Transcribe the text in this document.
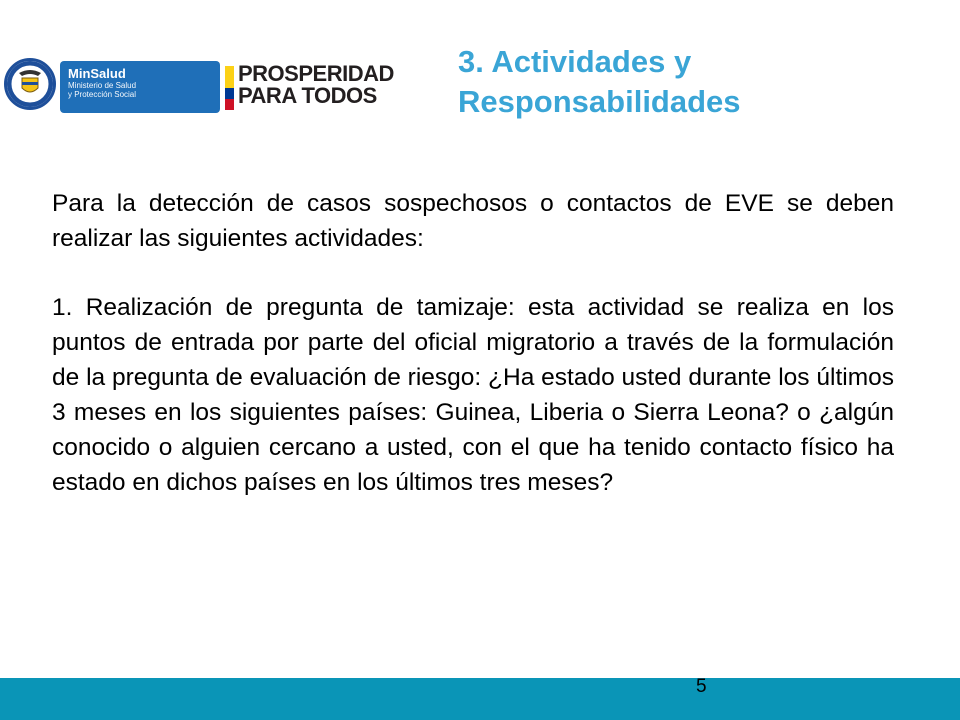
MinSalud
Ministerio de Salud
y Protección Social
PROSPERIDAD
PARA TODOS
3. Actividades y Responsabilidades

Para la detección de casos sospechosos o contactos de EVE se deben realizar las siguientes actividades:

1. Realización de pregunta de tamizaje: esta actividad se realiza en los puntos de entrada por parte del oficial migratorio a través de la formulación de la pregunta de evaluación de riesgo: ¿Ha estado usted durante los últimos 3 meses en los siguientes países: Guinea, Liberia o Sierra Leona? o ¿algún conocido o alguien cercano a usted, con el que ha tenido contacto físico ha estado en dichos países en los últimos tres meses?

5
